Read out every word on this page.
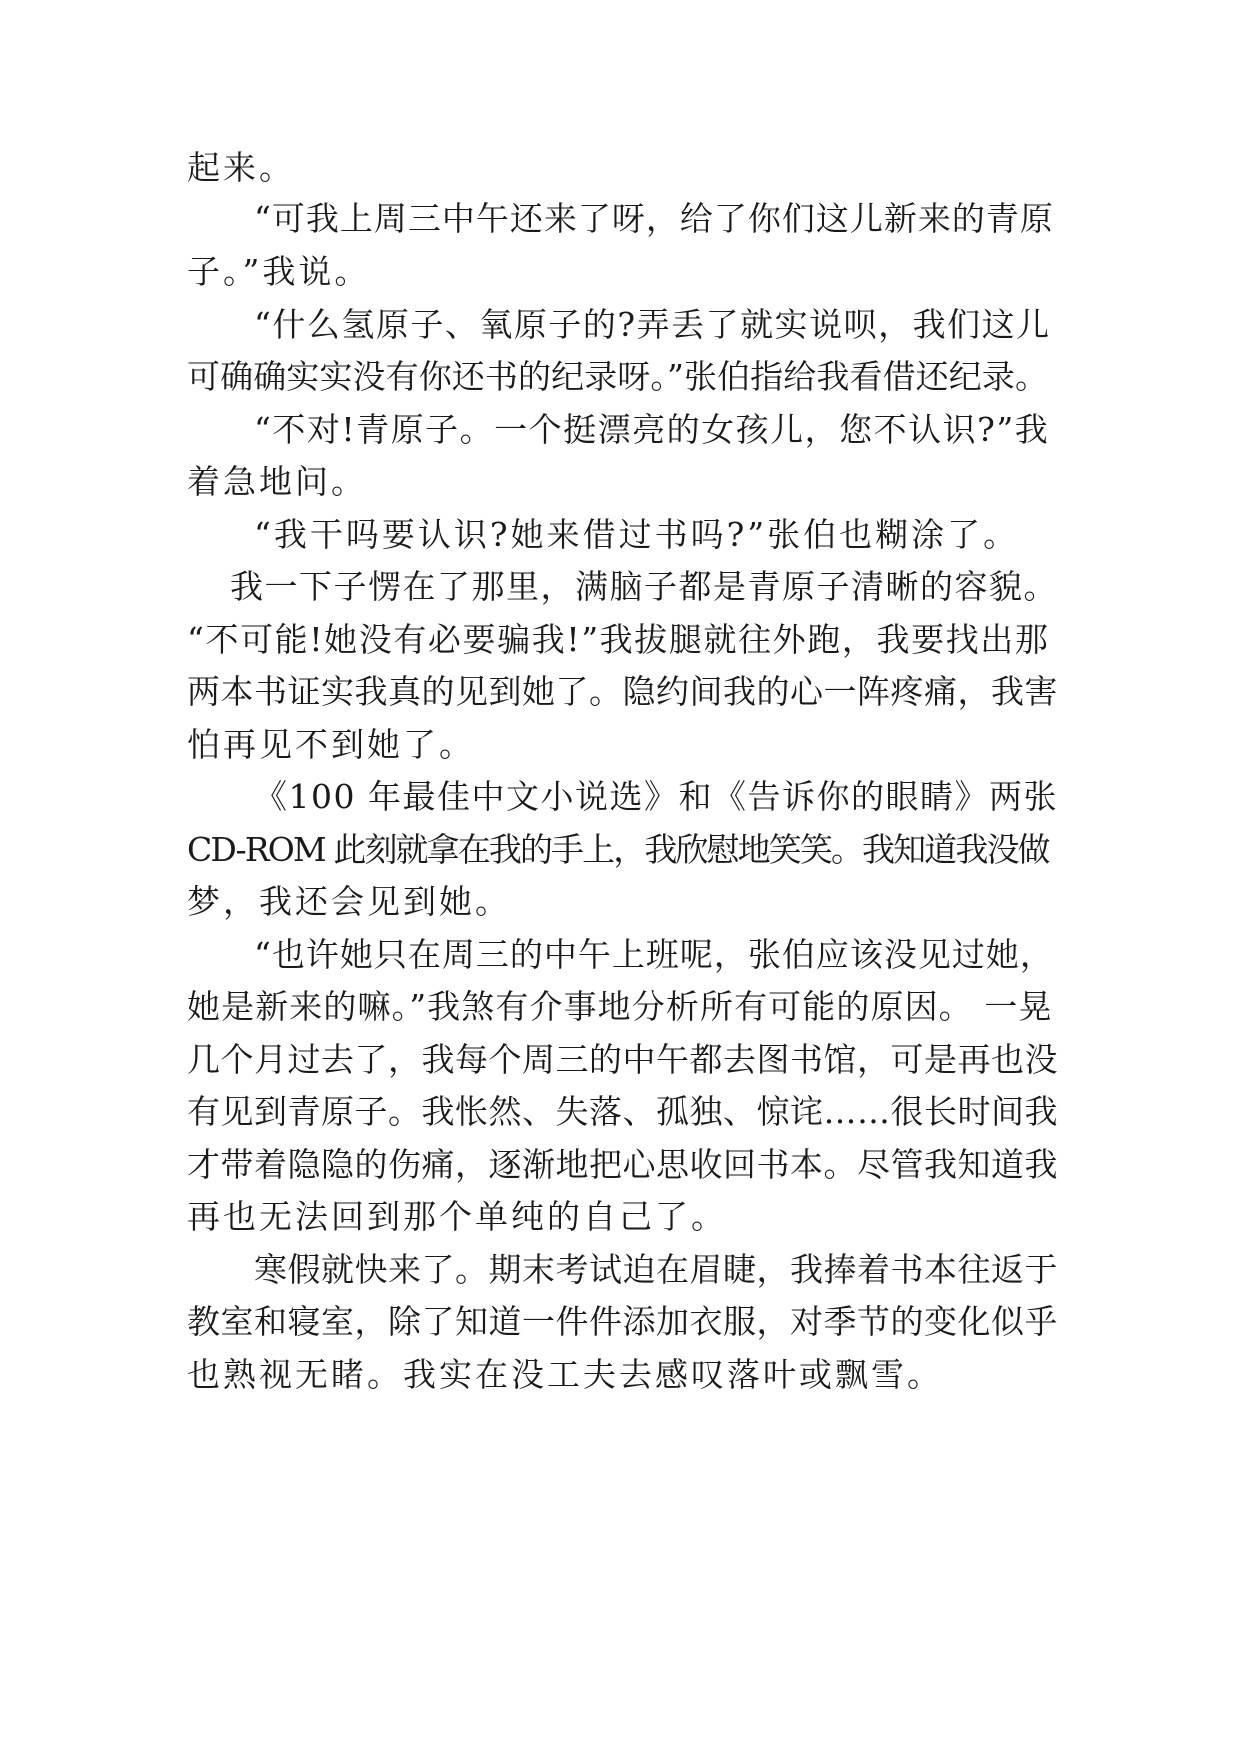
起来。
“可我上周三中午还来了呀，给了你们这儿新来的青原
子。”我说。
“什么氢原子、氧原子的?弄丢了就实说呗，我们这儿
可确确实实没有你还书的纪录呀。”张伯指给我看借还纪录。
“不对!青原子。一个挺漂亮的女孩儿，您不认识?”我
着急地问。
“我干吗要认识?她来借过书吗?”张伯也糊涂了。
我一下子愣在了那里，满脑子都是青原子清晰的容貌。
“不可能!她没有必要骗我!”我拔腿就往外跑，我要找出那
两本书证实我真的见到她了。隐约间我的心一阵疼痛，我害
怕再见不到她了。
《100 年最佳中文小说选》和《告诉你的眼睛》两张
CD-ROM 此刻就拿在我的手上，我欣慰地笑笑。我知道我没做
梦，我还会见到她。
“也许她只在周三的中午上班呢，张伯应该没见过她，
她是新来的嘛。”我煞有介事地分析所有可能的原因。 一晃
几个月过去了，我每个周三的中午都去图书馆，可是再也没
有见到青原子。我怅然、失落、孤独、惊诧……很长时间我
才带着隐隐的伤痛，逐渐地把心思收回书本。尽管我知道我
再也无法回到那个单纯的自己了。
寒假就快来了。期末考试迫在眉睫，我捧着书本往返于
教室和寝室，除了知道一件件添加衣服，对季节的变化似乎
也熟视无睹。我实在没工夫去感叹落叶或飘雪。
